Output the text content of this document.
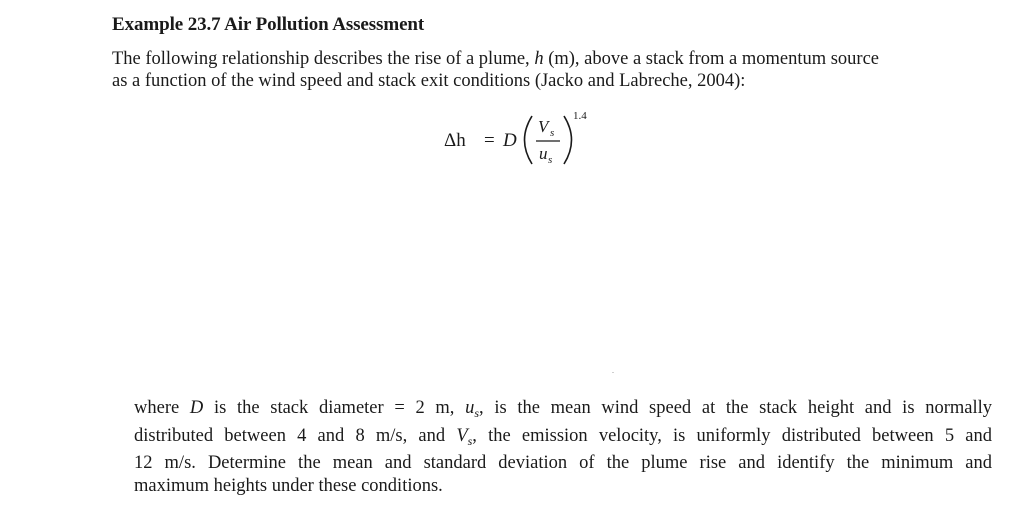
Example 23.7 Air Pollution Assessment
The following relationship describes the rise of a plume, h (m), above a stack from a momentum source
as a function of the wind speed and stack exit conditions (Jacko and Labreche, 2004):
Δh = D
V s
u s
1.4
where D is the stack diameter = 2 m, $u_s$, is the mean wind speed at the stack height and is normally
distributed between 4 and 8 m/s, and $V_s$, the emission velocity, is uniformly distributed between 5 and
12 m/s. Determine the mean and standard deviation of the plume rise and identify the minimum and
maximum heights under these conditions.
